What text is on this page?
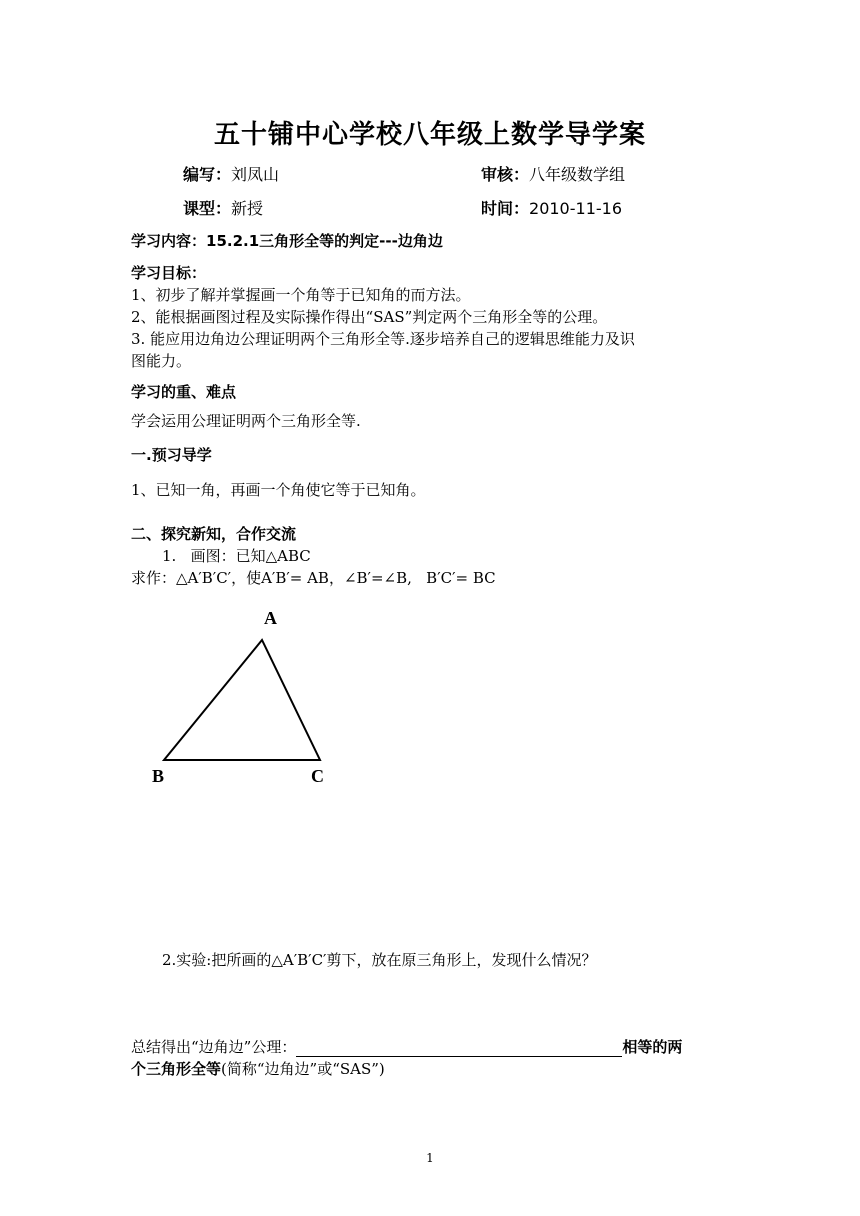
五十铺中心学校八年级上数学导学案
编写：刘凤山	审核：八年级数学组
课型：新授	时间：2010-11-16
学习内容：15.2.1三角形全等的判定---边角边
学习目标：
1、初步了解并掌握画一个角等于已知角的而方法。
2、能根据画图过程及实际操作得出“SAS”判定两个三角形全等的公理。
3. 能应用边角边公理证明两个三角形全等.逐步培养自己的逻辑思维能力及识
图能力。
学习的重、难点
学会运用公理证明两个三角形全等.
一.预习导学
1、已知一角，再画一个角使它等于已知角。
二、探究新知，合作交流
1.   画图：已知△ABC
求作：△A′B′C′，使A′B′= AB，∠B′=∠B,   B′C′= BC
A
B	C
2.实验:把所画的△A′B′C′剪下，放在原三角形上，发现什么情况？
总结得出“边角边”公理：	相等的两
个三角形全等(简称“边角边”或“SAS”)
1
